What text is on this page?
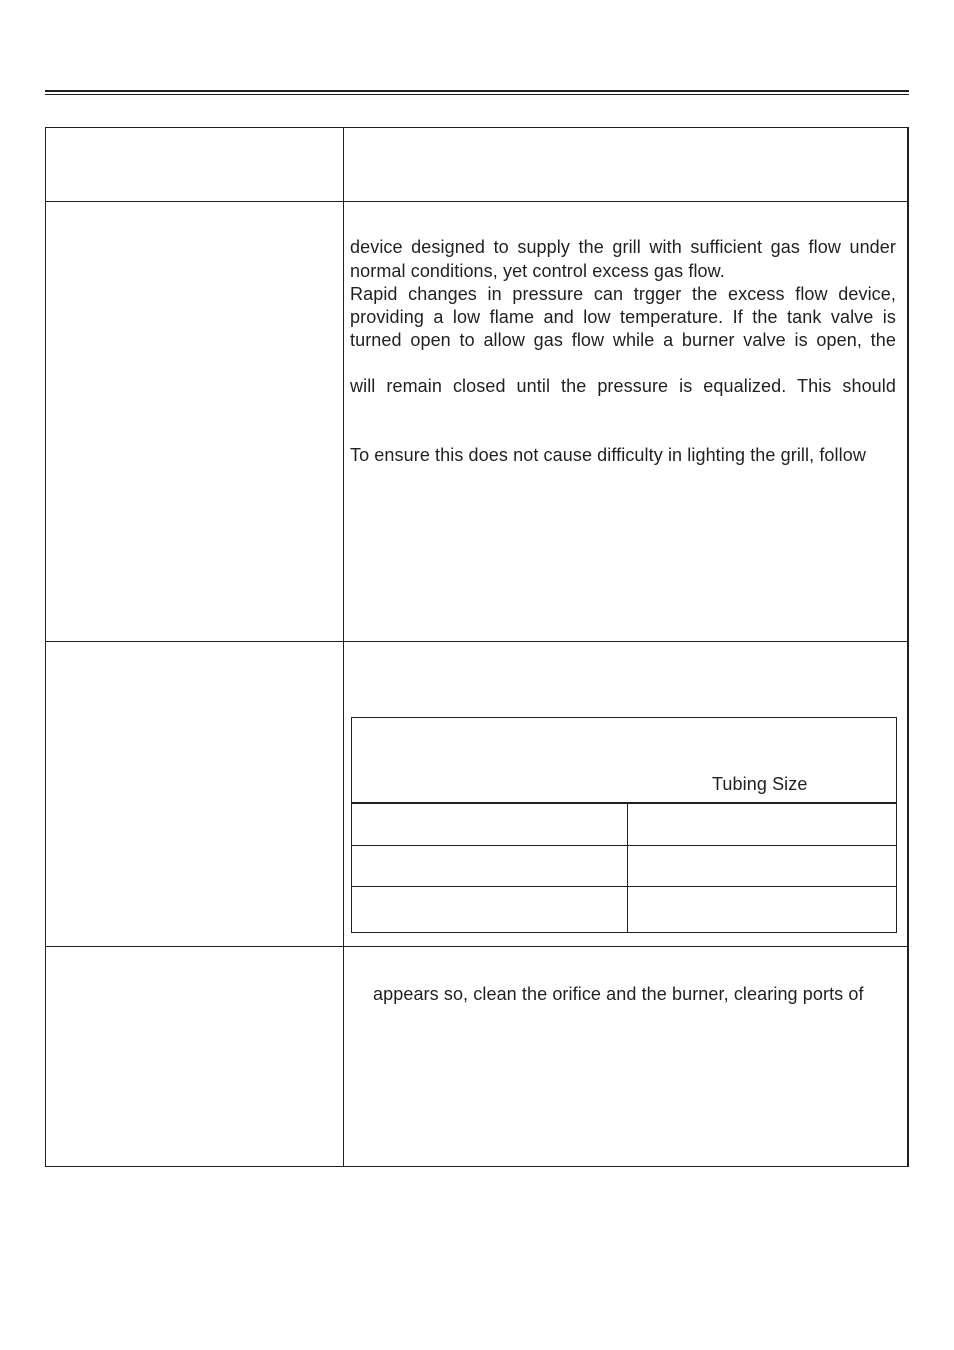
device designed to supply the grill with sufficient gas flow under
normal conditions, yet control excess gas flow.
Rapid changes in pressure can trgger the excess flow device,
providing a low flame and low temperature. If the tank valve is
turned open to allow gas flow while a burner valve is open, the
will remain closed until the pressure is equalized. This should
To ensure this does not cause difficulty in lighting the grill, follow
Tubing Size
appears so, clean the orifice and the burner, clearing ports of
